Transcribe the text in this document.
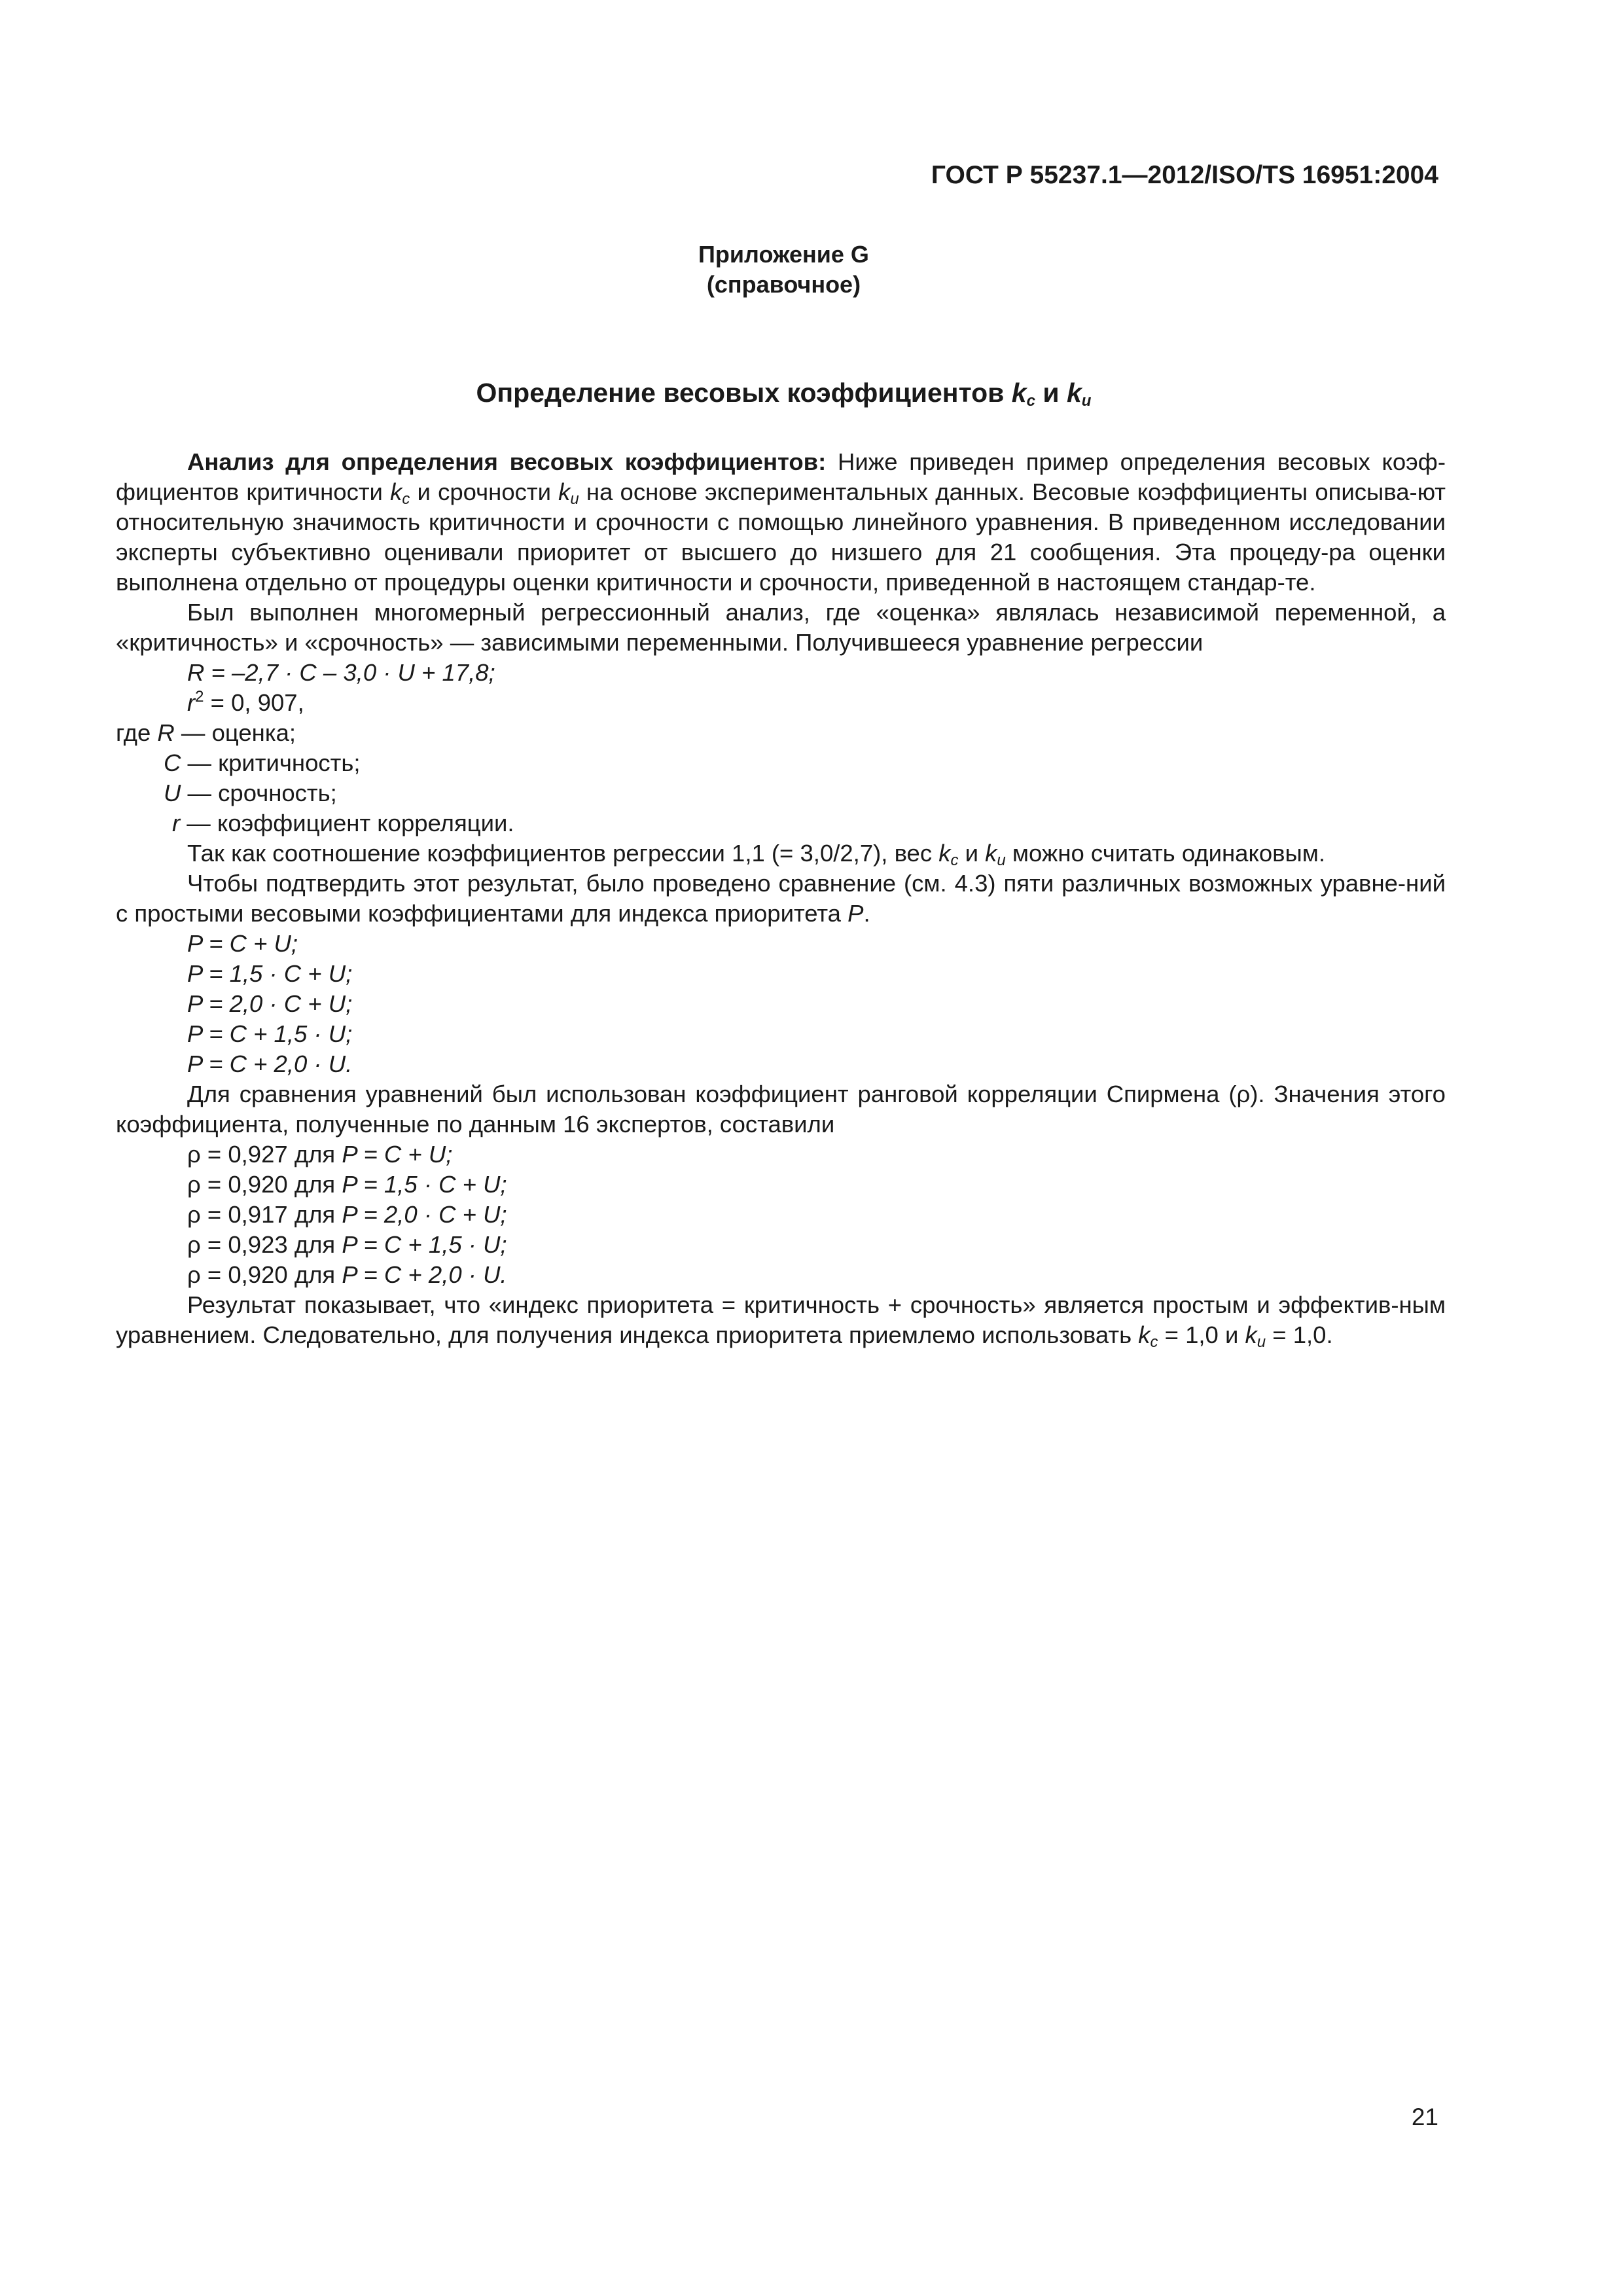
ГОСТ Р 55237.1—2012/ISO/TS 16951:2004
Приложение G
(справочное)
Определение весовых коэффициентов $k_c$ и $k_u$

Анализ для определения весовых коэффициентов: Ниже приведен пример определения весовых коэф-фициентов критичности $k_c$ и срочности $k_u$ на основе экспериментальных данных. Весовые коэффициенты описыва-ют относительную значимость критичности и срочности с помощью линейного уравнения. В приведенном исследовании эксперты субъективно оценивали приоритет от высшего до низшего для 21 сообщения. Эта процеду-ра оценки выполнена отдельно от процедуры оценки критичности и срочности, приведенной в настоящем стандар-те.

Был выполнен многомерный регрессионный анализ, где «оценка» являлась независимой переменной, а «критичность» и «срочность» — зависимыми переменными. Получившееся уравнение регрессии

R = –2,7 · C – 3,0 · U + 17,8;

$r^2 = 0$, 907,

где R — оценка;

C — критичность;

U — срочность;

r — коэффициент корреляции.

Так как соотношение коэффициентов регрессии 1,1 (= 3,0/2,7), вес $k_c$ и $k_u$ можно считать одинаковым.

Чтобы подтвердить этот результат, было проведено сравнение (см. 4.3) пяти различных возможных уравне-ний с простыми весовыми коэффициентами для индекса приоритета P.

P = C + U;

P = 1,5 · C + U;

P = 2,0 · C + U;

P = C + 1,5 · U;

P = C + 2,0 · U.

Для сравнения уравнений был использован коэффициент ранговой корреляции Спирмена (ρ). Значения этого коэффициента, полученные по данным 16 экспертов, составили

ρ = 0,927 для P = C + U;

ρ = 0,920 для P = 1,5 · C + U;

ρ = 0,917 для P = 2,0 · C + U;

ρ = 0,923 для P = C + 1,5 · U;

ρ = 0,920 для P = C + 2,0 · U.

Результат показывает, что «индекс приоритета = критичность + срочность» является простым и эффектив-ным уравнением. Следовательно, для получения индекса приоритета приемлемо использовать $k_c = 1,0$ и $k_u = 1,0$.

21
